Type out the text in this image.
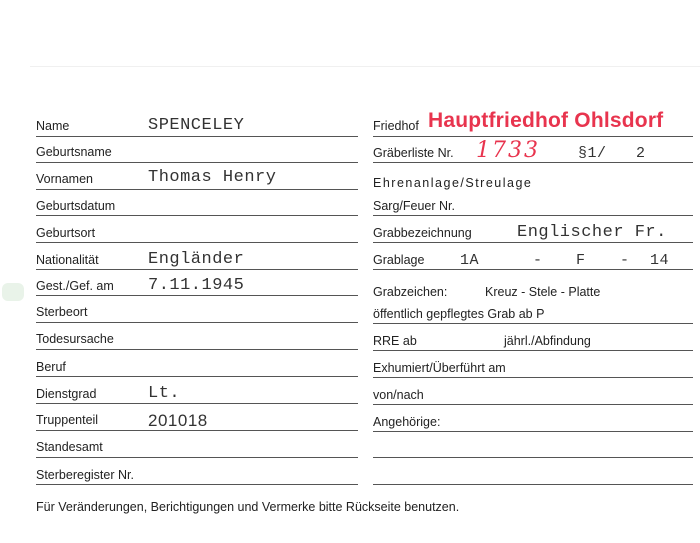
Name	SPENCELEY
Geburtsname
Vornamen	Thomas Henry
Geburtsdatum
Geburtsort
Nationalität	Engländer
Gest./Gef. am 7.11.1945
Sterbeort
Todesursache
Beruf
Dienstgrad	Lt.
Truppenteil	201018
Standesamt
Sterberegister Nr.
Friedhof Hauptfriedhof Ohlsdorf
Gräberliste Nr. 1733	§1/ 2
Ehrenanlage/Streulage
Sarg/Feuer Nr.
Grabbezeichnung	Englischer Fr.
Grablage 1A	- F - 14
Grabzeichen:	Kreuz - Stele - Platte
öffentlich gepflegtes Grab ab P
RRE ab	jährl./Abfindung
Exhumiert/Überführt am
von/nach
Angehörige:
Für Veränderungen, Berichtigungen und Vermerke bitte Rückseite benutzen.
